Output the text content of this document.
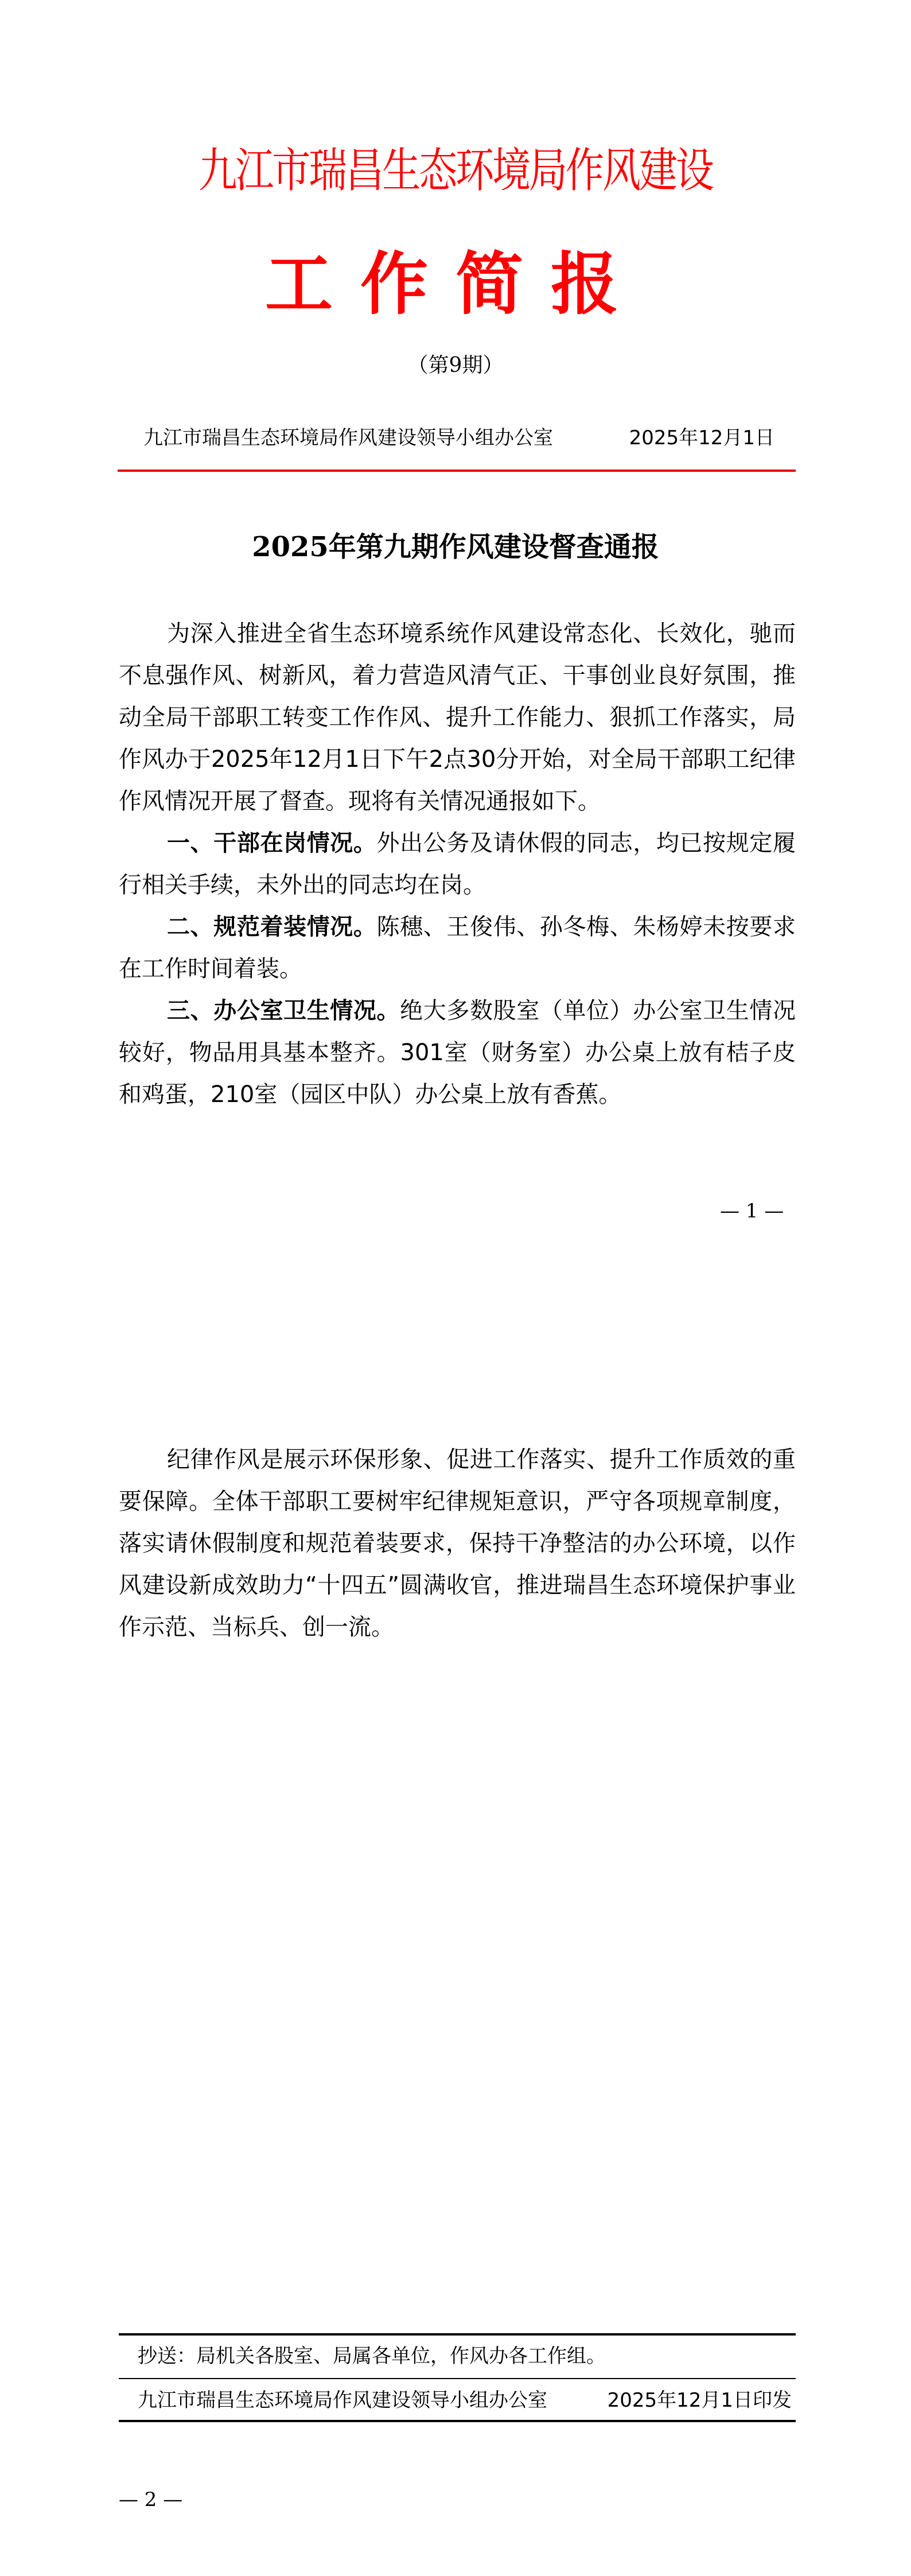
九江市瑞昌生态环境局作风建设
工作简报
（第9期）
九江市瑞昌生态环境局作风建设领导小组办公室	2025年12月1日
2025年第九期作风建设督查通报

为深入推进全省生态环境系统作风建设常态化、长效化，驰而不息强作风、树新风，着力营造风清气正、干事创业良好氛围，推动全局干部职工转变工作作风、提升工作能力、狠抓工作落实，局作风办于2025年12月1日下午2点30分开始，对全局干部职工纪律作风情况开展了督查。现将有关情况通报如下。

一、干部在岗情况。外出公务及请休假的同志，均已按规定履行相关手续，未外出的同志均在岗。

二、规范着装情况。陈穗、王俊伟、孙冬梅、朱杨婷未按要求在工作时间着装。

三、办公室卫生情况。绝大多数股室（单位）办公室卫生情况较好，物品用具基本整齐。301室（财务室）办公桌上放有桔子皮和鸡蛋，210室（园区中队）办公桌上放有香蕉。

— 1 —

纪律作风是展示环保形象、促进工作落实、提升工作质效的重要保障。全体干部职工要树牢纪律规矩意识，严守各项规章制度，落实请休假制度和规范着装要求，保持干净整洁的办公环境，以作风建设新成效助力“十四五”圆满收官，推进瑞昌生态环境保护事业作示范、当标兵、创一流。

抄送：局机关各股室、局属各单位，作风办各工作组。
九江市瑞昌生态环境局作风建设领导小组办公室	2025年12月1日印发
— 2 —
